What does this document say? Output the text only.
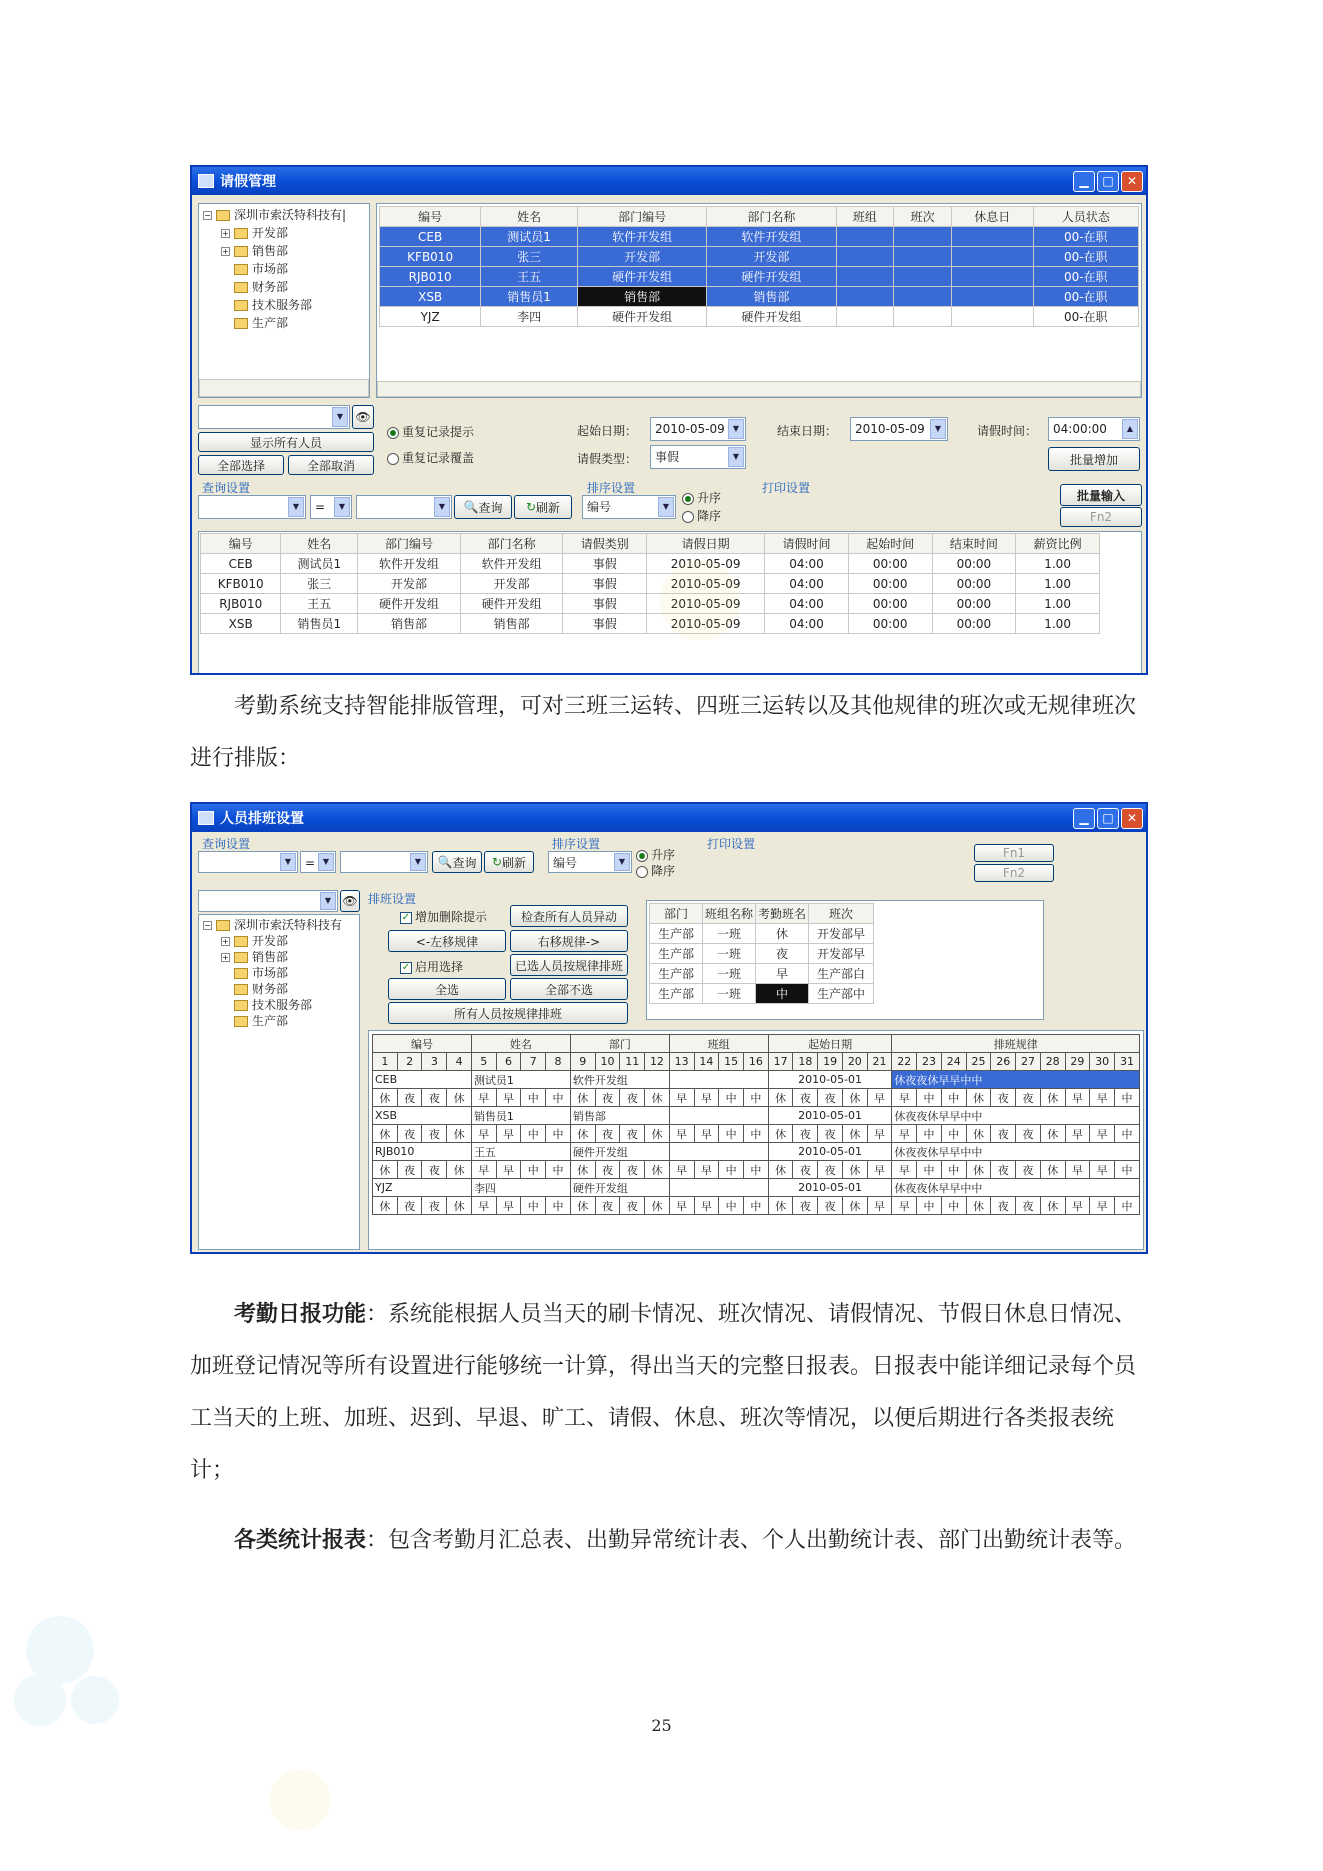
请假管理	▁	□	✕
− 深圳市索沃特科技有|
+ 开发部
+ 销售部
市场部
财务部
技术服务部
生产部
编号	姓名	部门编号	部门名称	班组	班次	休息日	人员状态
CEB	测试员1	软件开发组	软件开发组				00-在职
KFB010	张三	开发部	开发部				00-在职
RJB010	王五	硬件开发组	硬件开发组				00-在职
XSB	销售员1	销售部	销售部				00-在职
YJZ	李四	硬件开发组	硬件开发组				00-在职
▼	👁
显示所有人员
全部选择	全部取消
重复记录提示
重复记录覆盖
起始日期：	2010-05-09	▼	结束日期：	2010-05-09	▼	请假时间：	04:00:00	▲
请假类型：	事假	▼	批量增加
查询设置
▼	=	▼	▼	🔍 查询 ↻ 刷新
排序设置
编号	▼
升序
降序
打印设置
批量输入
Fn2
编号	姓名	部门编号	部门名称	请假类别	请假日期	请假时间	起始时间	结束时间	薪资比例
CEB	测试员1	软件开发组	软件开发组	事假	2010-05-09	04:00	00:00	00:00	1.00
KFB010	张三	开发部	开发部	事假	2010-05-09	04:00	00:00	00:00	1.00
RJB010	王五	硬件开发组	硬件开发组	事假	2010-05-09	04:00	00:00	00:00	1.00
XSB	销售员1	销售部	销售部	事假	2010-05-09	04:00	00:00	00:00	1.00
考勤系统支持智能排版管理，可对三班三运转、四班三运转以及其他规律的班次或无规律班次进行排版：
人员排班设置	▁	□	✕
查询设置
▼	= ▼	▼	🔍 查询 ↻ 刷新
排序设置
编号	▼	升序
降序
打印设置
Fn1
Fn2
▼ 👁
− 深圳市索沃特科技有
+ 开发部
+ 销售部
市场部
财务部
技术服务部
生产部
排班设置
✓ 增加删除提示	检查所有人员异动
<-左移规律	右移规律->
✓ 启用选择	已选人员按规律排班
全选	全部不选
所有人员按规律排班
部门	班组名称	考勤班名	班次
生产部	一班	休	开发部早
生产部	一班	夜	开发部早
生产部	一班	早	生产部白
生产部	一班	中	生产部中
编号				姓名				部门				班组				起始日期					排班规律									
1	2	3	4	5	6	7	8	9	10	11	12	13	14	15	16	17	18	19	20	21	22	23	24	25	26	27	28	29	30	31
CEB				测试员1				软件开发组								2010-05-01					休夜夜休早早中中									
休	夜	夜	休	早	早	中	中	休	夜	夜	休	早	早	中	中	休	夜	夜	休	早	早	中	中	休	夜	夜	休	早	早	中
XSB				销售员1				销售部								2010-05-01					休夜夜休早早中中									
休	夜	夜	休	早	早	中	中	休	夜	夜	休	早	早	中	中	休	夜	夜	休	早	早	中	中	休	夜	夜	休	早	早	中
RJB010				王五				硬件开发组								2010-05-01					休夜夜休早早中中									
休	夜	夜	休	早	早	中	中	休	夜	夜	休	早	早	中	中	休	夜	夜	休	早	早	中	中	休	夜	夜	休	早	早	中
YJZ				李四				硬件开发组								2010-05-01					休夜夜休早早中中									
休	夜	夜	休	早	早	中	中	休	夜	夜	休	早	早	中	中	休	夜	夜	休	早	早	中	中	休	夜	夜	休	早	早	中
考勤日报功能：系统能根据人员当天的刷卡情况、班次情况、请假情况、节假日休息日情况、加班登记情况等所有设置进行能够统一计算，得出当天的完整日报表。日报表中能详细记录每个员工当天的上班、加班、迟到、早退、旷工、请假、休息、班次等情况，以便后期进行各类报表统计；
各类统计报表：包含考勤月汇总表、出勤异常统计表、个人出勤统计表、部门出勤统计表等。
25
